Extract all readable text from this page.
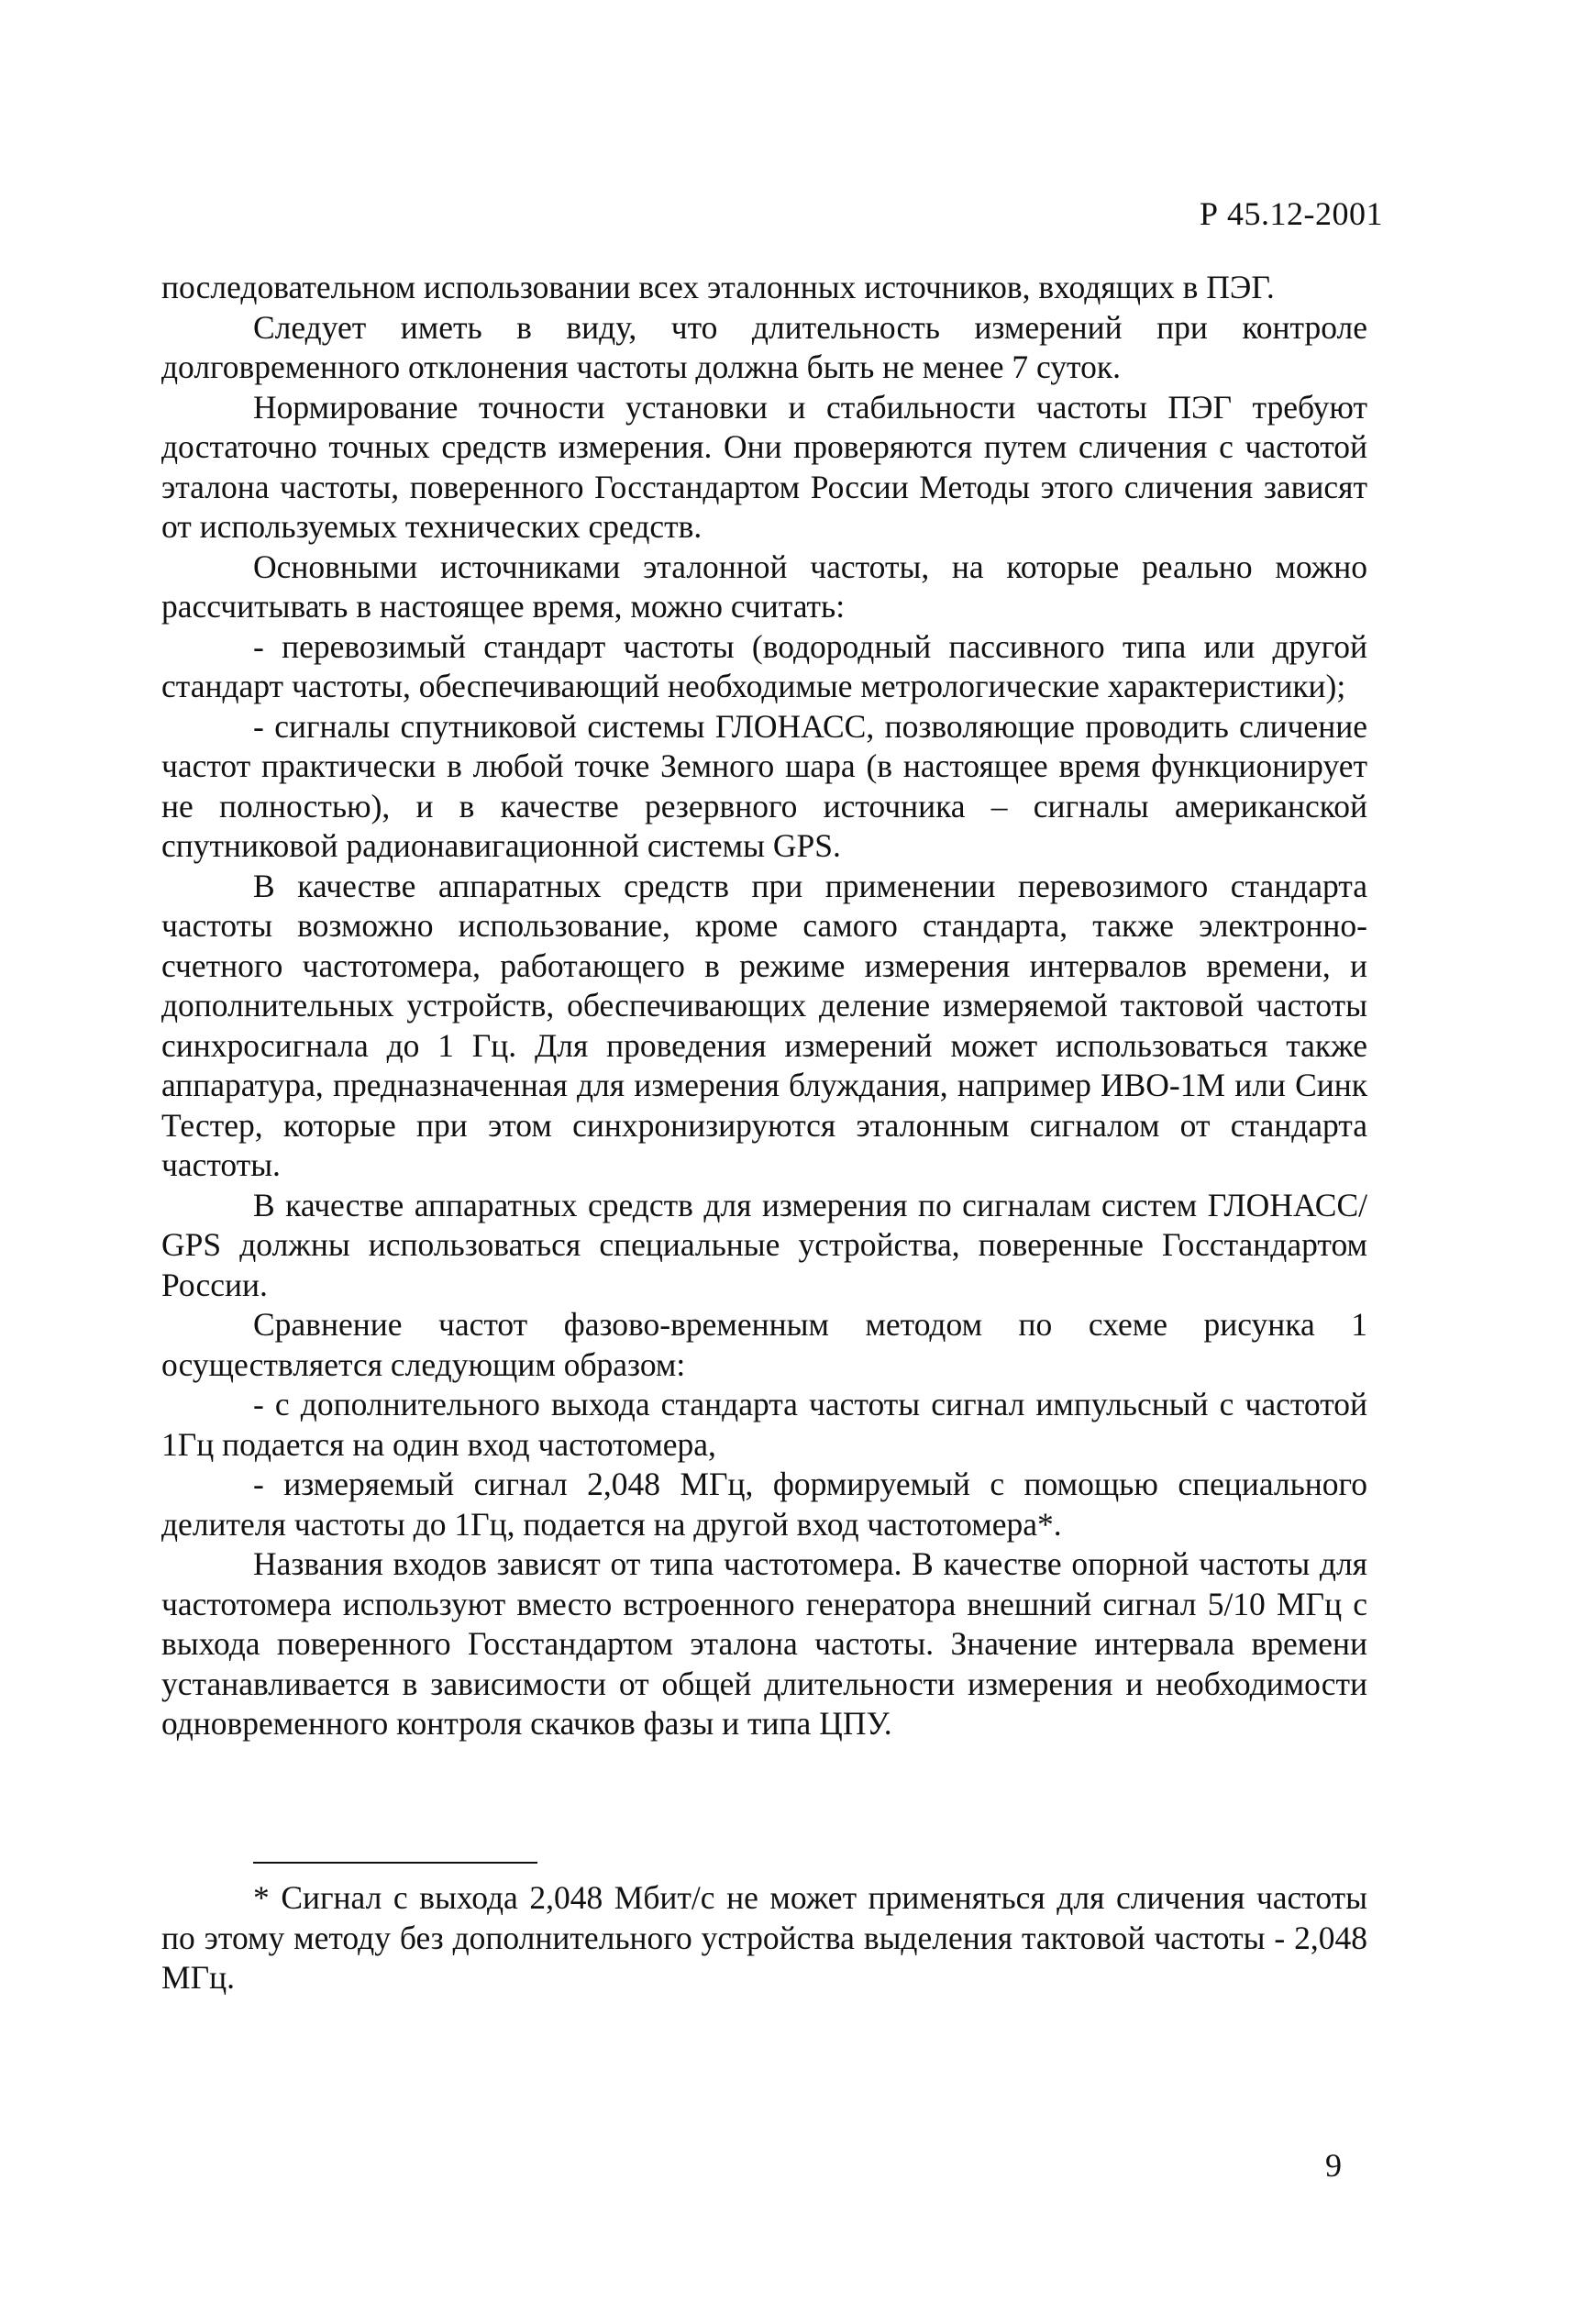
Р 45.12-2001

последовательном использовании всех эталонных источников, входящих в ПЭГ.

Следует иметь в виду, что длительность измерений при контроле долговременного отклонения частоты должна быть не менее 7 суток.

Нормирование точности установки и стабильности частоты ПЭГ требуют достаточно точных средств измерения. Они проверяются путем сличения с частотой эталона частоты, поверенного Госстандартом России Методы этого сличения зависят от используемых технических средств.

Основными источниками эталонной частоты, на которые реально можно рассчитывать в настоящее время, можно считать:

- перевозимый стандарт частоты (водородный пассивного типа или другой стандарт частоты, обеспечивающий необходимые метрологические характеристики);

- сигналы спутниковой системы ГЛОНАСС, позволяющие проводить сличение частот практически в любой точке Земного шара (в настоящее время функционирует не полностью), и в качестве резервного источника – сигналы американской спутниковой радионавигационной системы GPS.

В качестве аппаратных средств при применении перевозимого стандарта частоты возможно использование, кроме самого стандарта, также электронно-счетного частотомера, работающего в режиме измерения интервалов времени, и дополнительных устройств, обеспечивающих деление измеряемой тактовой частоты синхросигнала до 1 Гц. Для проведения измерений может использоваться также аппаратура, предназначенная для измерения блуждания, например ИВО-1М или Синк Тестер, которые при этом синхронизируются эталонным сигналом от стандарта частоты.

В качестве аппаратных средств для измерения по сигналам систем ГЛОНАСС/ GPS должны использоваться специальные устройства, поверенные Госстандартом России.

Сравнение частот фазово-временным методом по схеме рисунка 1 осуществляется следующим образом:

- с дополнительного выхода стандарта частоты сигнал импульсный с частотой 1Гц подается на один вход частотомера,

- измеряемый сигнал 2,048 МГц, формируемый с помощью специального делителя частоты до 1Гц, подается на другой вход частотомера*.

Названия входов зависят от типа частотомера. В качестве опорной частоты для частотомера используют вместо встроенного генератора внешний сигнал 5/10 МГц с выхода поверенного Госстандартом эталона частоты. Значение интервала времени устанавливается в зависимости от общей длительности измерения и необходимости одновременного контроля скачков фазы и типа ЦПУ.

* Сигнал с выхода 2,048 Мбит/с не может применяться для сличения частоты по этому методу без дополнительного устройства выделения тактовой частоты - 2,048 МГц.

9
